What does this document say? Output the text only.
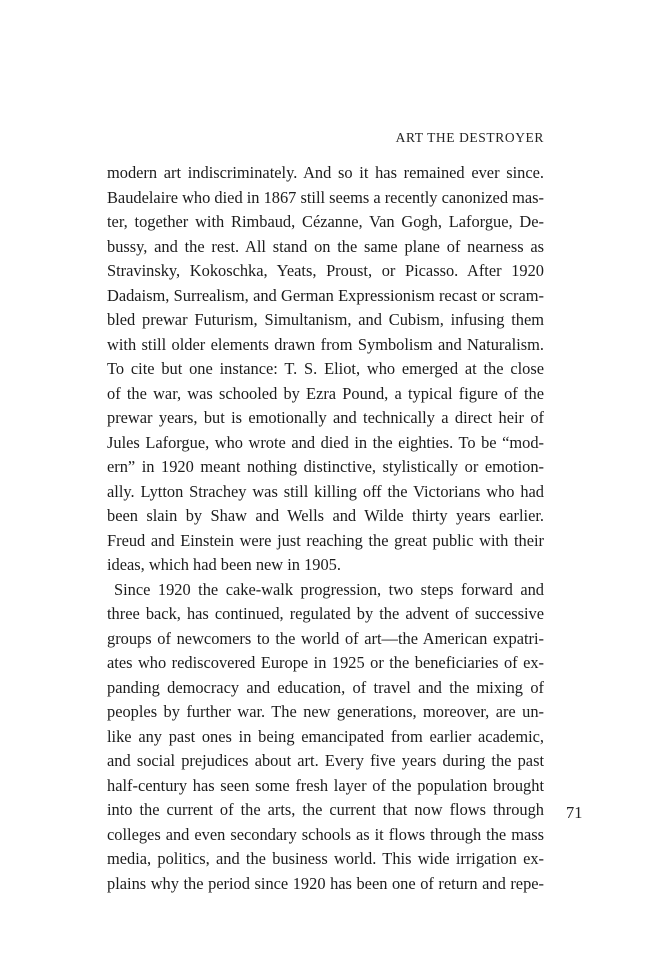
ART THE DESTROYER
modern art indiscriminately. And so it has remained ever since.
Baudelaire who died in 1867 still seems a recently canonized mas-
ter, together with Rimbaud, Cézanne, Van Gogh, Laforgue, De-
bussy, and the rest. All stand on the same plane of nearness as
Stravinsky, Kokoschka, Yeats, Proust, or Picasso. After 1920
Dadaism, Surrealism, and German Expressionism recast or scram-
bled prewar Futurism, Simultanism, and Cubism, infusing them
with still older elements drawn from Symbolism and Naturalism.
To cite but one instance: T. S. Eliot, who emerged at the close
of the war, was schooled by Ezra Pound, a typical figure of the
prewar years, but is emotionally and technically a direct heir of
Jules Laforgue, who wrote and died in the eighties. To be “mod-
ern” in 1920 meant nothing distinctive, stylistically or emotion-
ally. Lytton Strachey was still killing off the Victorians who had
been slain by Shaw and Wells and Wilde thirty years earlier.
Freud and Einstein were just reaching the great public with their
ideas, which had been new in 1905.
Since 1920 the cake-walk progression, two steps forward and
three back, has continued, regulated by the advent of successive
groups of newcomers to the world of art—the American expatri-
ates who rediscovered Europe in 1925 or the beneficiaries of ex-
panding democracy and education, of travel and the mixing of
peoples by further war. The new generations, moreover, are un-
like any past ones in being emancipated from earlier academic,
and social prejudices about art. Every five years during the past
half-century has seen some fresh layer of the population brought
into the current of the arts, the current that now flows through
colleges and even secondary schools as it flows through the mass
media, politics, and the business world. This wide irrigation ex-
plains why the period since 1920 has been one of return and repe-
71
